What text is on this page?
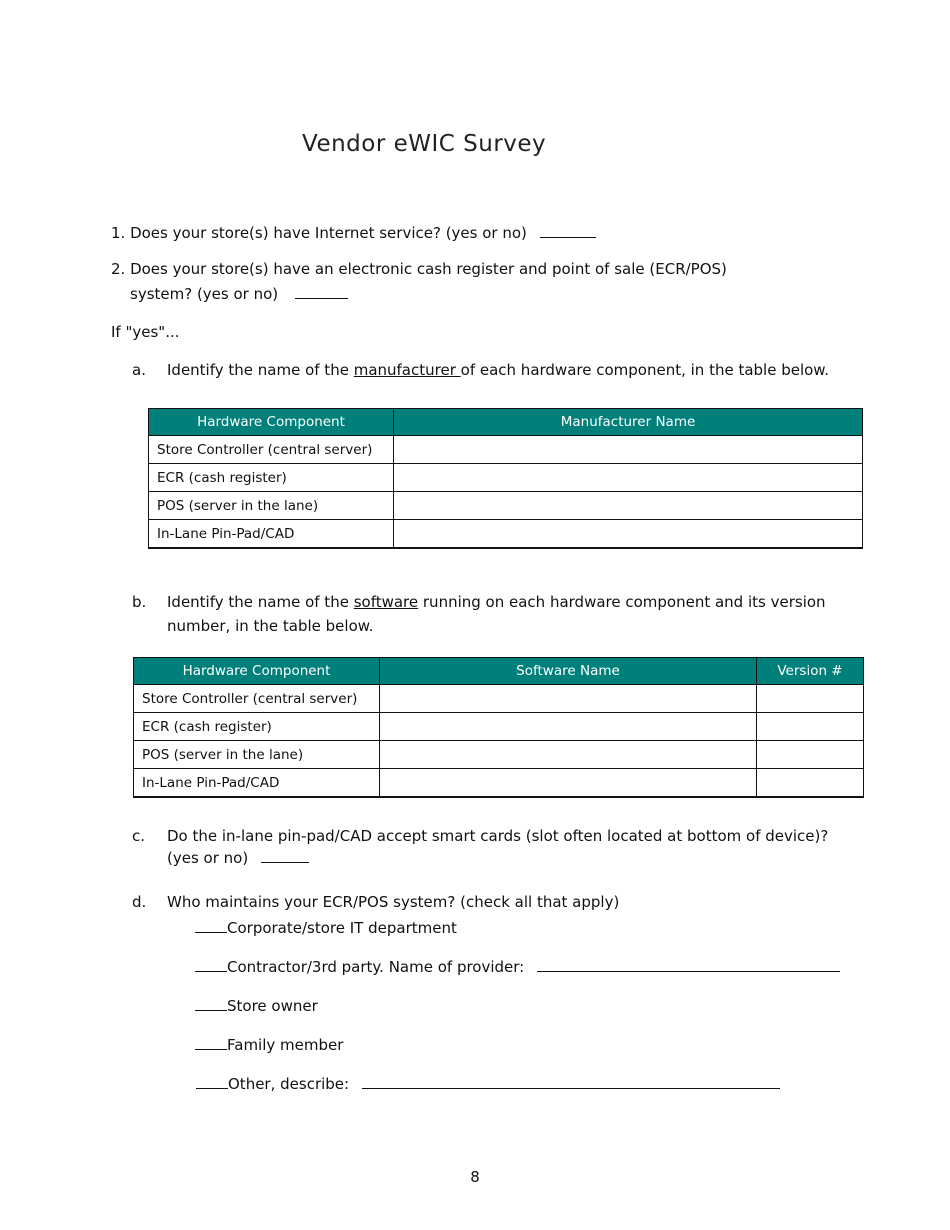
Vendor eWIC Survey
1. Does your store(s) have Internet service? (yes or no)
2. Does your store(s) have an electronic cash register and point of sale (ECR/POS)
system? (yes or no)
If "yes"...
a. Identify the name of the manufacturer of each hardware component, in the table below.
Hardware Component	Manufacturer Name
Store Controller (central server)	
ECR (cash register)	
POS (server in the lane)	
In-Lane Pin-Pad/CAD	
b. Identify the name of the software running on each hardware component and its version
number, in the table below.
Hardware Component	Software Name	Version #
Store Controller (central server)		
ECR (cash register)		
POS (server in the lane)		
In-Lane Pin-Pad/CAD		
c. Do the in-lane pin-pad/CAD accept smart cards (slot often located at bottom of device)?
(yes or no)
d. Who maintains your ECR/POS system? (check all that apply)
Corporate/store IT department
Contractor/3rd party. Name of provider:
Store owner
Family member
Other, describe:
8
